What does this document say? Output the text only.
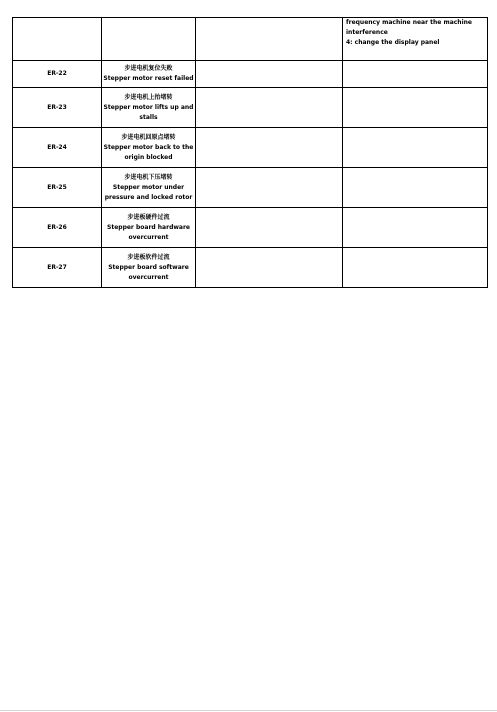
			frequency machine near the machine
interference
4: change the display panel

ER-22	步进电机复位失败
Stepper motor reset failed		

ER-23	步进电机上抬堵转
Stepper motor lifts up and stalls		

ER-24	步进电机回原点堵转
Stepper motor back to the origin blocked		

ER-25	步进电机下压堵转
Stepper motor under pressure and locked rotor		

ER-26	步进板硬件过流
Stepper board hardware overcurrent		

ER-27	步进板软件过流
Stepper board software overcurrent		
